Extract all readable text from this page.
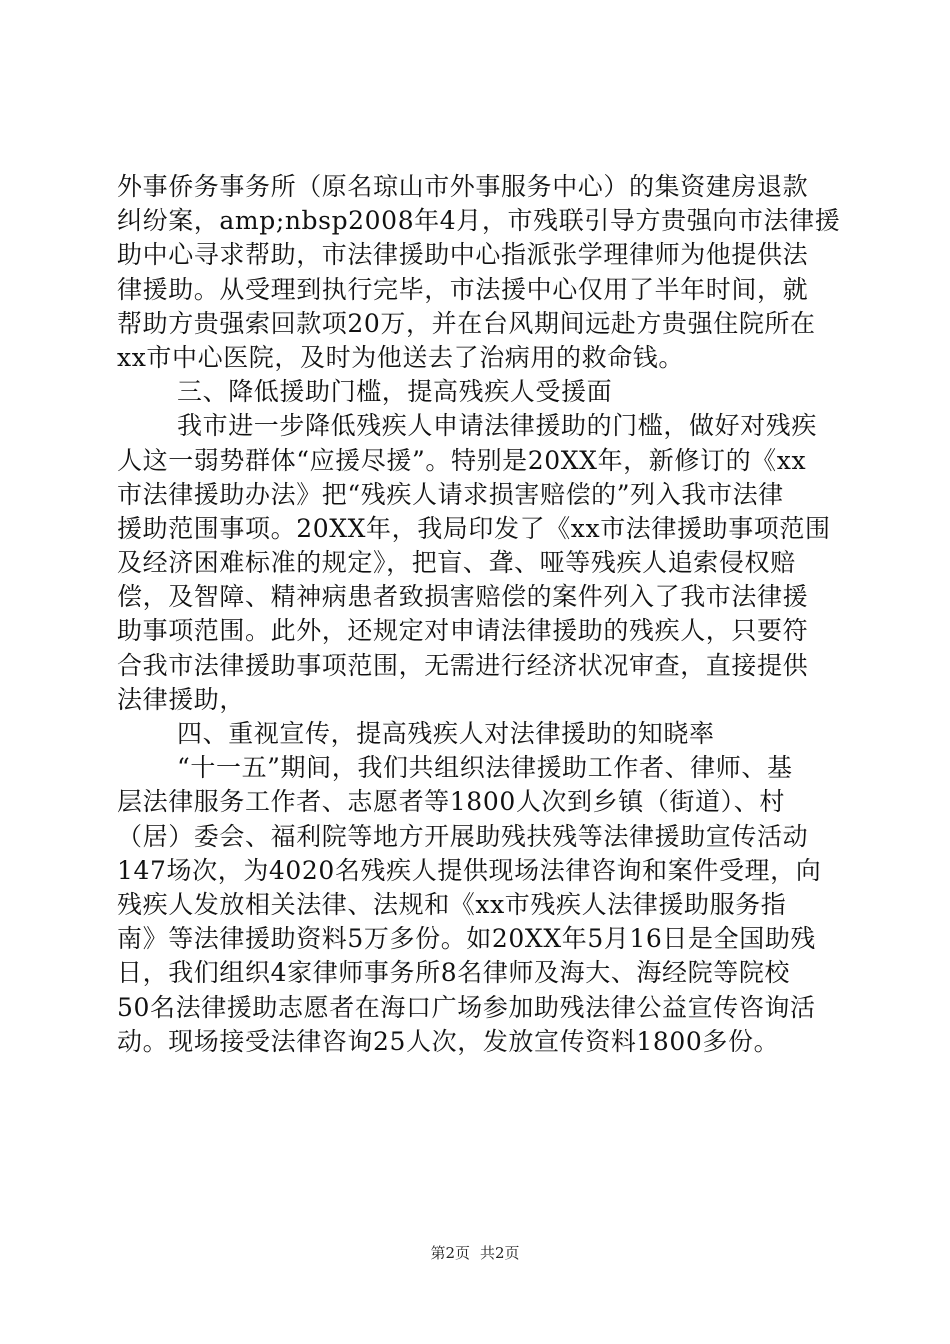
外事侨务事务所（原名琼山市外事服务中心）的集资建房退款
纠纷案，amp;nbsp2008年4月，市残联引导方贵强向市法律援
助中心寻求帮助，市法律援助中心指派张学理律师为他提供法
律援助。从受理到执行完毕，市法援中心仅用了半年时间，就
帮助方贵强索回款项20万，并在台风期间远赴方贵强住院所在
xx市中心医院，及时为他送去了治病用的救命钱。
三、降低援助门槛，提高残疾人受援面
我市进一步降低残疾人申请法律援助的门槛，做好对残疾
人这一弱势群体“应援尽援”。特别是20XX年，新修订的《xx
市法律援助办法》把“残疾人请求损害赔偿的”列入我市法律
援助范围事项。20XX年，我局印发了《xx市法律援助事项范围
及经济困难标准的规定》，把盲、聋、哑等残疾人追索侵权赔
偿，及智障、精神病患者致损害赔偿的案件列入了我市法律援
助事项范围。此外，还规定对申请法律援助的残疾人，只要符
合我市法律援助事项范围，无需进行经济状况审查，直接提供
法律援助，
四、重视宣传，提高残疾人对法律援助的知晓率
“十一五”期间，我们共组织法律援助工作者、律师、基
层法律服务工作者、志愿者等1800人次到乡镇（街道）、村
（居）委会、福利院等地方开展助残扶残等法律援助宣传活动
147场次，为4020名残疾人提供现场法律咨询和案件受理，向
残疾人发放相关法律、法规和《xx市残疾人法律援助服务指
南》等法律援助资料5万多份。如20XX年5月16日是全国助残
日，我们组织4家律师事务所8名律师及海大、海经院等院校
50名法律援助志愿者在海口广场参加助残法律公益宣传咨询活
动。现场接受法律咨询25人次，发放宣传资料1800多份。
第2页 共2页
